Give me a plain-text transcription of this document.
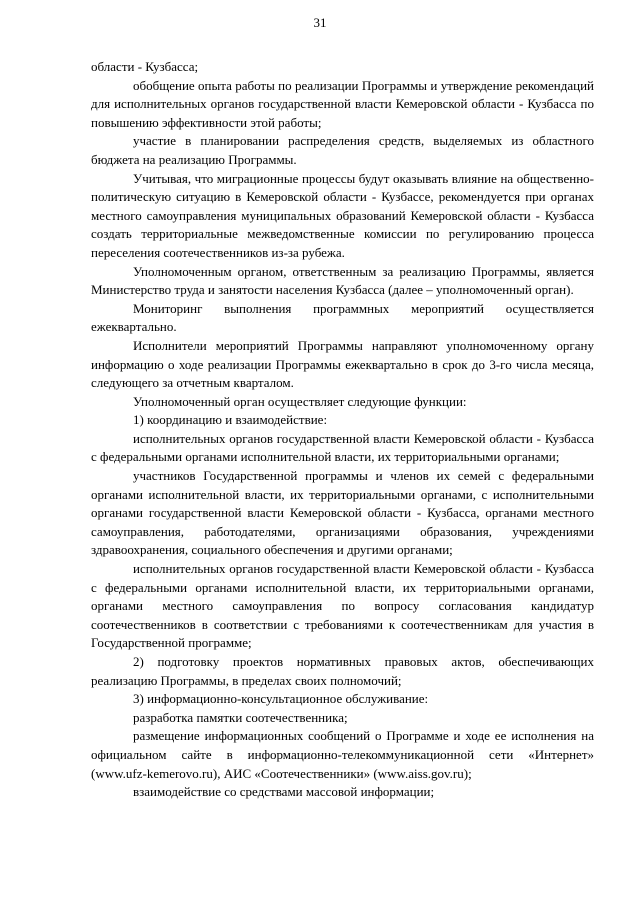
31

области - Кузбасса;

обобщение опыта работы по реализации Программы и утверждение рекомендаций для исполнительных органов государственной власти Кемеровской области - Кузбасса по повышению эффективности этой работы;

участие в планировании распределения средств, выделяемых из областного бюджета на реализацию Программы.

Учитывая, что миграционные процессы будут оказывать влияние на общественно-политическую ситуацию в Кемеровской области - Кузбассе, рекомендуется при органах местного самоуправления муниципальных образований Кемеровской области - Кузбасса создать территориальные межведомственные комиссии по регулированию процесса переселения соотечественников из-за рубежа.

Уполномоченным органом, ответственным за реализацию Программы, является Министерство труда и занятости населения Кузбасса (далее – уполномоченный орган).

Мониторинг выполнения программных мероприятий осуществляется ежеквартально.

Исполнители мероприятий Программы направляют уполномоченному органу информацию о ходе реализации Программы ежеквартально в срок до 3-го числа месяца, следующего за отчетным кварталом.

Уполномоченный орган осуществляет следующие функции:

1) координацию и взаимодействие:

исполнительных органов государственной власти Кемеровской области - Кузбасса с федеральными органами исполнительной власти, их территориальными органами;

участников Государственной программы и членов их семей с федеральными органами исполнительной власти, их территориальными органами, с исполнительными органами государственной власти Кемеровской области - Кузбасса, органами местного самоуправления, работодателями, организациями образования, учреждениями здравоохранения, социального обеспечения и другими органами;

исполнительных органов государственной власти Кемеровской области - Кузбасса с федеральными органами исполнительной власти, их территориальными органами, органами местного самоуправления по вопросу согласования кандидатур соотечественников в соответствии с требованиями к соотечественникам для участия в Государственной программе;

2) подготовку проектов нормативных правовых актов, обеспечивающих реализацию Программы, в пределах своих полномочий;

3) информационно-консультационное обслуживание:

разработка памятки соотечественника;

размещение информационных сообщений о Программе и ходе ее исполнения на официальном сайте в информационно-телекоммуникационной сети «Интернет» (www.ufz-kemerovo.ru), АИС «Соотечественники» (www.aiss.gov.ru);

взаимодействие со средствами массовой информации;
